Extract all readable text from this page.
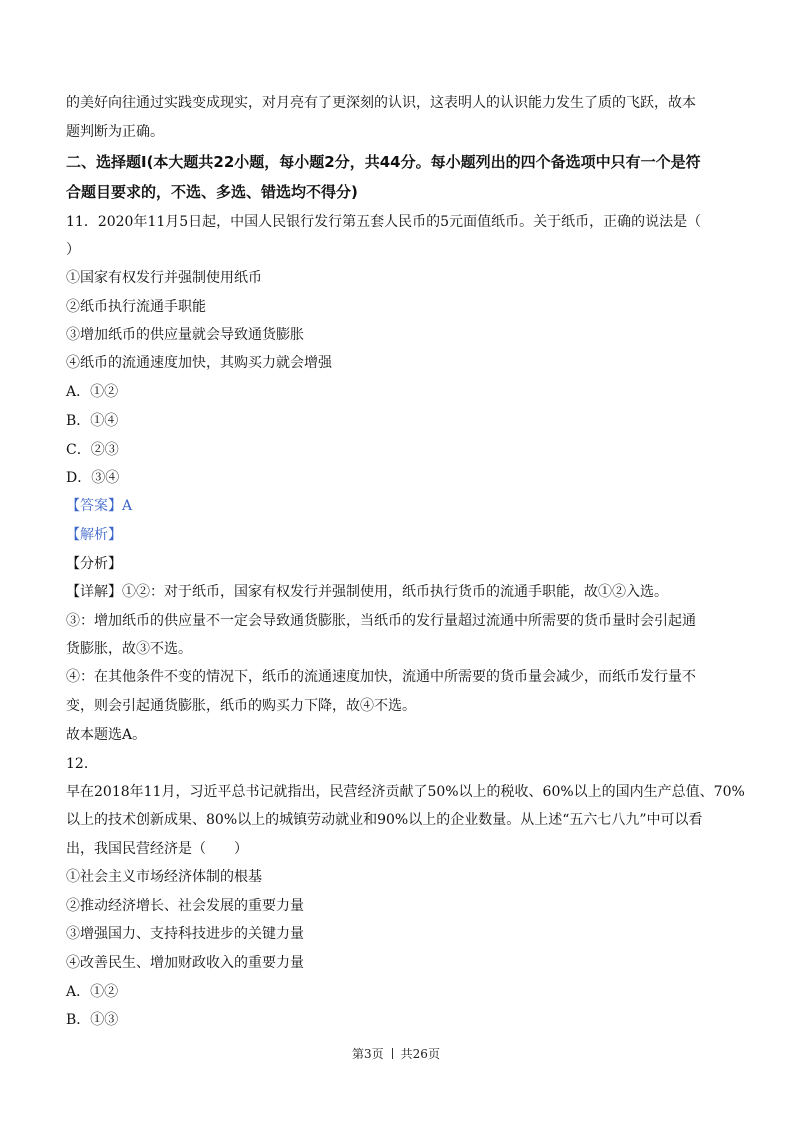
的美好向往通过实践变成现实，对月亮有了更深刻的认识，这表明人的认识能力发生了质的飞跃，故本
题判断为正确。
二、选择题I(本大题共22小题，每小题2分，共44分。每小题列出的四个备选项中只有一个是符
合题目要求的，不选、多选、错选均不得分)
11．2020年11月5日起，中国人民银行发行第五套人民币的5元面值纸币。关于纸币，正确的说法是（
）
①国家有权发行并强制使用纸币
②纸币执行流通手职能
③增加纸币的供应量就会导致通货膨胀
④纸币的流通速度加快，其购买力就会增强
A．①②
B．①④
C．②③
D．③④
【答案】A
【解析】
【分析】
【详解】①②：对于纸币，国家有权发行并强制使用，纸币执行货币的流通手职能，故①②入选。
③：增加纸币的供应量不一定会导致通货膨胀，当纸币的发行量超过流通中所需要的货币量时会引起通
货膨胀，故③不选。
④：在其他条件不变的情况下，纸币的流通速度加快，流通中所需要的货币量会减少，而纸币发行量不
变，则会引起通货膨胀，纸币的购买力下降，故④不选。
故本题选A。
12．
早在2018年11月，习近平总书记就指出，民营经济贡献了50%以上的税收、60%以上的国内生产总值、70%
以上的技术创新成果、80%以上的城镇劳动就业和90%以上的企业数量。从上述“五六七八九”中可以看
出，我国民营经济是（　　）
①社会主义市场经济体制的根基
②推动经济增长、社会发展的重要力量
③增强国力、支持科技进步的关键力量
④改善民生、增加财政收入的重要力量
A．①②
B．①③
第3页 共26页
